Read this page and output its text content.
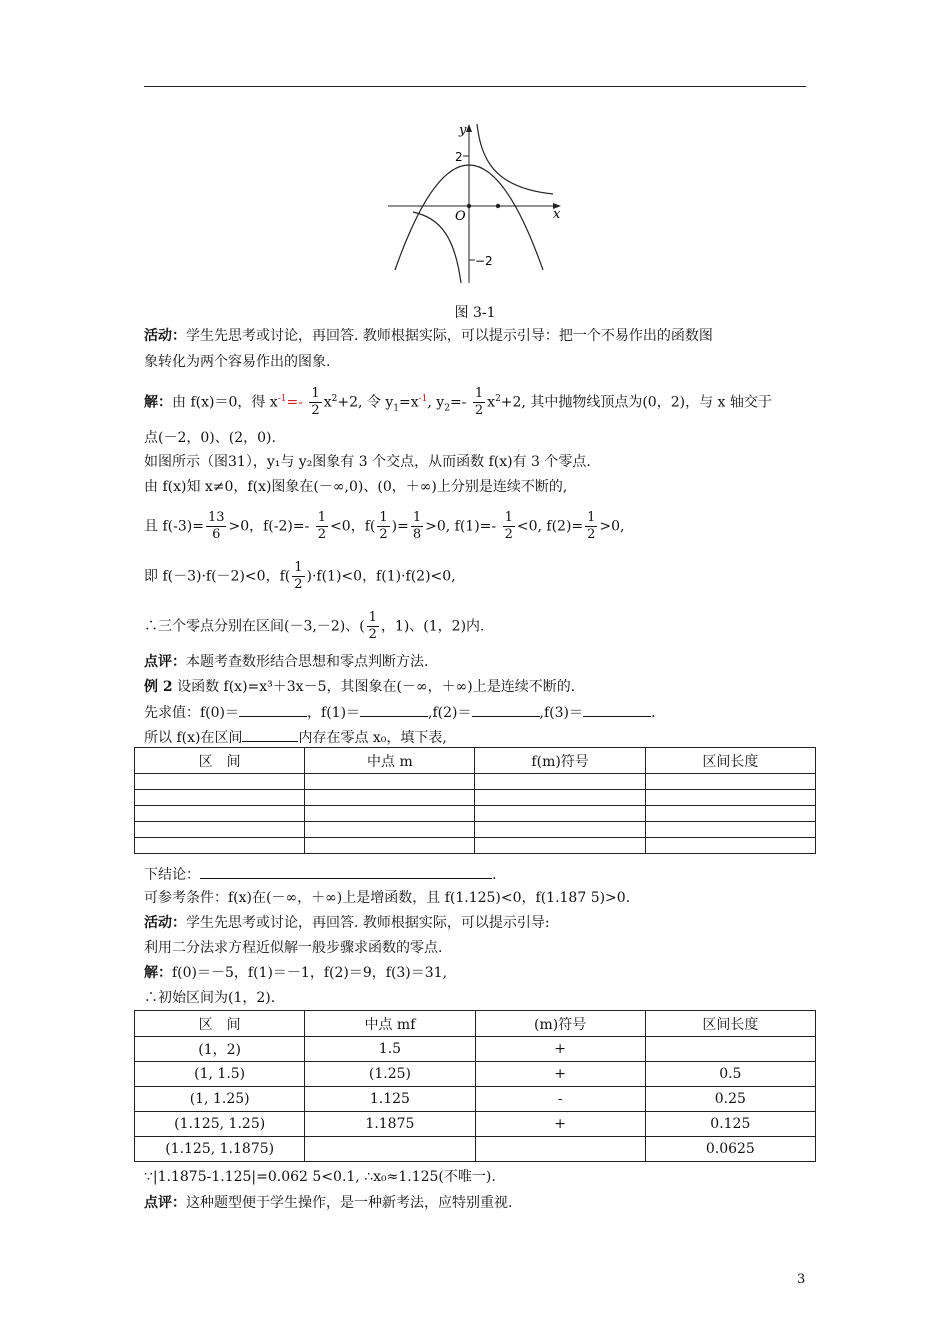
y
x
O
2
−2
图 3-1
活动：学生先思考或讨论，再回答. 教师根据实际，可以提示引导：把一个不易作出的函数图
象转化为两个容易作出的图象.
解：由 f(x)＝0，得 $x^{-1}=- \frac{1}{2} x^2+2$, 令 $y_1=x^{-1}$, $y_2=- \frac{1}{2} x^2+2$, 其中抛物线顶点为(0，2)，与 x 轴交于
点(－2，0)、(2，0).
如图所示（图31），y₁与 y₂图象有 3 个交点，从而函数 f(x)有 3 个零点.
由 f(x)知 x≠0，f(x)图象在(－∞,0)、(0，＋∞)上分别是连续不断的,
且 $f(-3)= \frac{13}{6} >0$，$f(-2)=- \frac{1}{2} <0$，$f( \frac{1}{2}$ )= $\frac{1}{8} >0$, $f(1)=- \frac{1}{2} <0$, $f(2)= \frac{1}{2} >0$,
即 f(－3)·f(－2)<0，$f( \frac{1}{2} )\cdot f(1)<0$，f(1)·f(2)<0,
∴三个零点分别在区间(－3,－2)、( $\frac{1}{2}$ ，1)、(1，2)内.
点评：本题考查数形结合思想和零点判断方法.
例 2 设函数 f(x)=x³＋3x－5，其图象在(－∞，＋∞)上是连续不断的.
先求值：f(0)＝	，f(1)＝	,f(2)＝	,f(3)＝	.
所以 f(x)在区间	内存在零点 x₀，填下表,
区　间	中点 m	f(m)符号	区间长度

下结论：	.
可参考条件：f(x)在(－∞，＋∞)上是增函数，且 f(1.125)<0，f(1.187 5)>0.
活动：学生先思考或讨论，再回答. 教师根据实际，可以提示引导:
利用二分法求方程近似解一般步骤求函数的零点.
解：f(0)＝－5，f(1)＝－1，f(2)＝9，f(3)＝31,
∴初始区间为(1，2).
区　间	中点 mf	(m)符号	区间长度
(1，2)	1.5	+	
(1, 1.5)	(1.25)	+	0.5
(1, 1.25)	1.125	-	0.25
(1.125, 1.25)	1.1875	+	0.125
(1.125, 1.1875)			0.0625
∵|1.1875-1.125|=0.062 5<0.1, ∴x₀≈1.125(不唯一).
点评：这种题型便于学生操作，是一种新考法，应特别重视.
3
